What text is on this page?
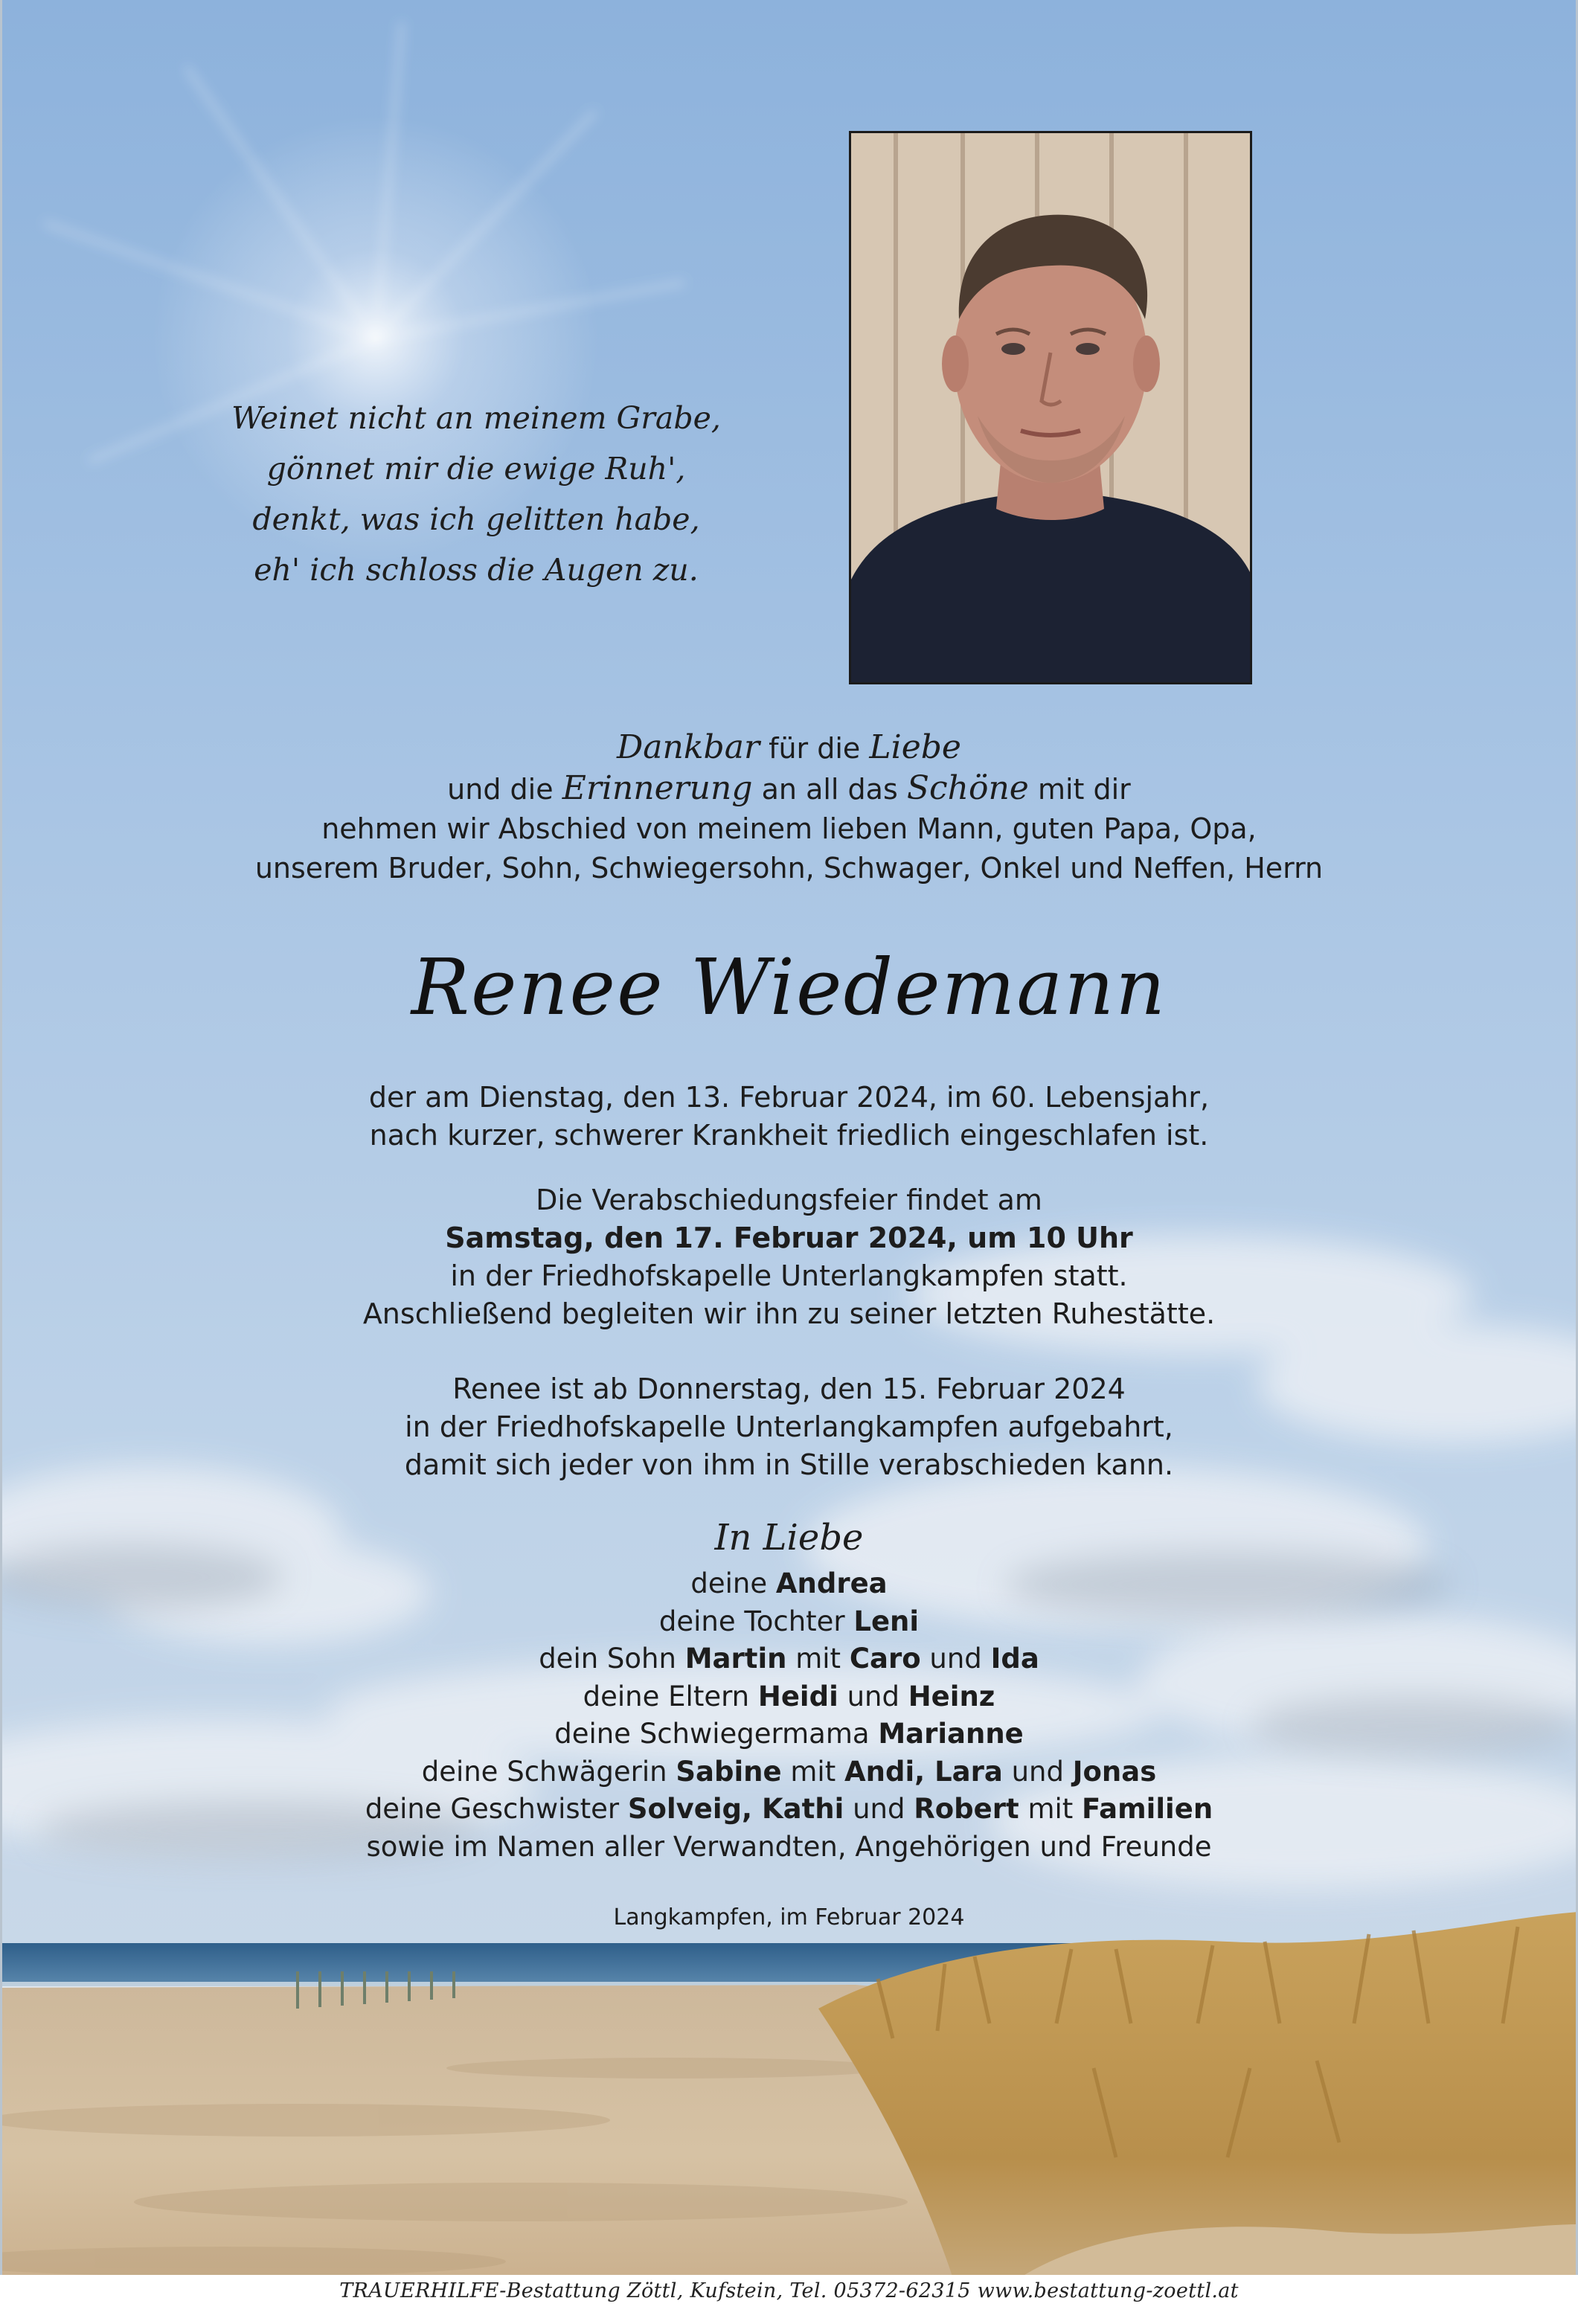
Weinet nicht an meinem Grabe,
gönnet mir die ewige Ruh',
denkt, was ich gelitten habe,
eh' ich schloss die Augen zu.
Dankbar für die Liebe
und die Erinnerung an all das Schöne mit dir
nehmen wir Abschied von meinem lieben Mann, guten Papa, Opa,
unserem Bruder, Sohn, Schwiegersohn, Schwager, Onkel und Neffen, Herrn
Renee Wiedemann
der am Dienstag, den 13. Februar 2024, im 60. Lebensjahr,
nach kurzer, schwerer Krankheit friedlich eingeschlafen ist.
Die Verabschiedungsfeier findet am
Samstag, den 17. Februar 2024, um 10 Uhr
in der Friedhofskapelle Unterlangkampfen statt.
Anschließend begleiten wir ihn zu seiner letzten Ruhestätte.
Renee ist ab Donnerstag, den 15. Februar 2024
in der Friedhofskapelle Unterlangkampfen aufgebahrt,
damit sich jeder von ihm in Stille verabschieden kann.
In Liebe
deine Andrea
deine Tochter Leni
dein Sohn Martin mit Caro und Ida
deine Eltern Heidi und Heinz
deine Schwiegermama Marianne
deine Schwägerin Sabine mit Andi, Lara und Jonas
deine Geschwister Solveig, Kathi und Robert mit Familien
sowie im Namen aller Verwandten, Angehörigen und Freunde
Langkampfen, im Februar 2024
TRAUERHILFE-Bestattung Zöttl, Kufstein, Tel. 05372-62315 www.bestattung-zoettl.at
